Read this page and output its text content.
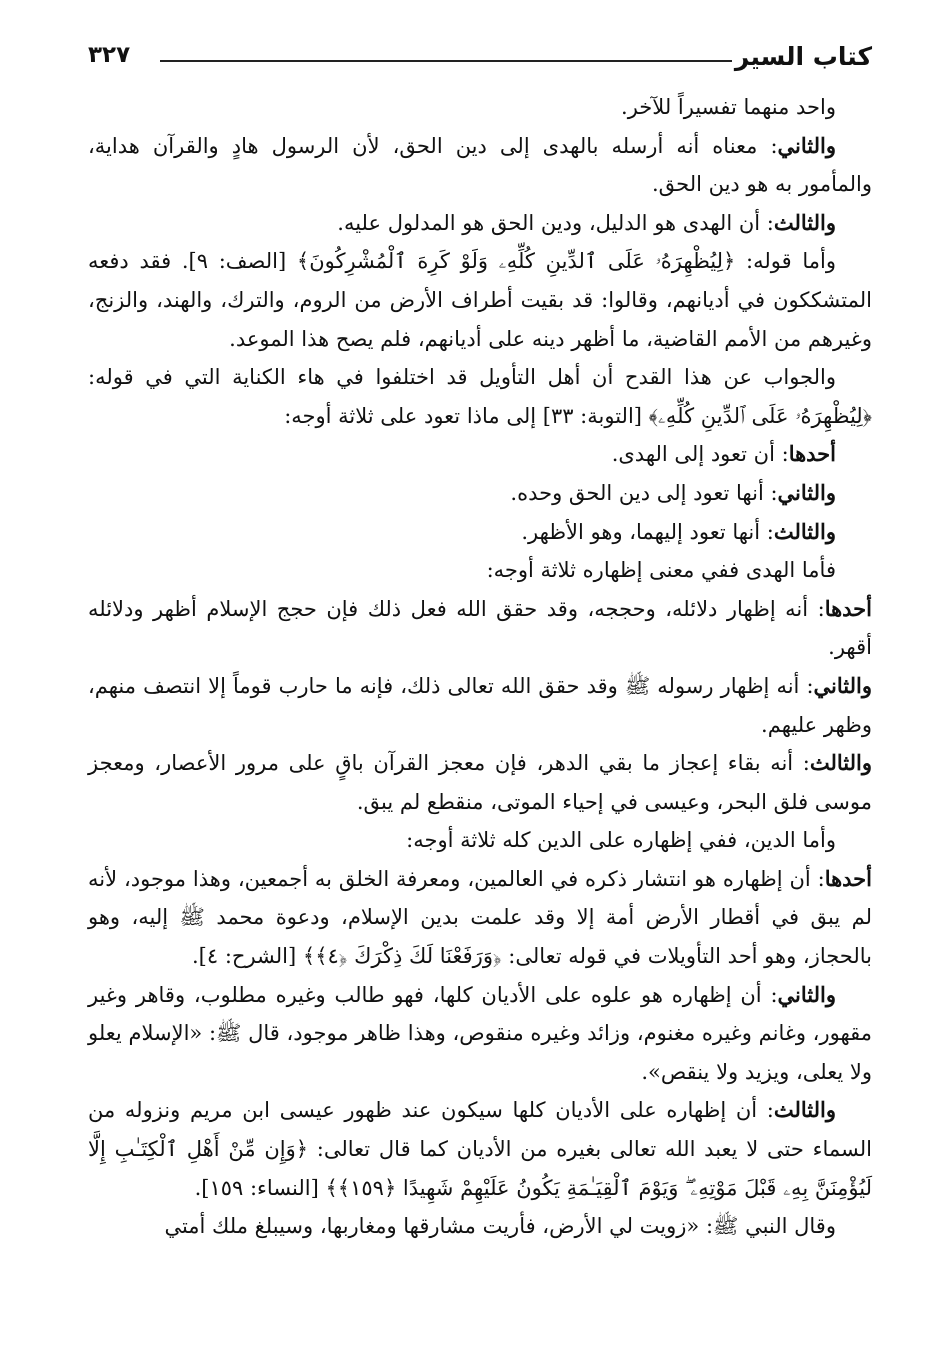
كتاب السير
٣٢٧

واحد منهما تفسيراً للآخر.

والثاني: معناه أنه أرسله بالهدى إلى دين الحق، لأن الرسول هادٍ والقرآن هداية، والمأمور به هو دين الحق.

والثالث: أن الهدى هو الدليل، ودين الحق هو المدلول عليه.

وأما قوله: ﴿لِيُظْهِرَهُۥ عَلَى ٱلدِّينِ كُلِّهِۦ وَلَوْ كَرِهَ ٱلْمُشْرِكُونَ﴾ [الصف: ٩]. فقد دفعه المتشككون في أديانهم، وقالوا: قد بقيت أطراف الأرض من الروم، والترك، والهند، والزنج، وغيرهم من الأمم القاضية، ما أظهر دينه على أديانهم، فلم يصح هذا الموعد.

والجواب عن هذا القدح أن أهل التأويل قد اختلفوا في هاء الكناية التي في قوله: ﴿لِيُظْهِرَهُۥ عَلَى ٱلدِّينِ كُلِّهِۦ﴾ [التوبة: ٣٣] إلى ماذا تعود على ثلاثة أوجه:

أحدها: أن تعود إلى الهدى.

والثاني: أنها تعود إلى دين الحق وحده.

والثالث: أنها تعود إليهما، وهو الأظهر.

فأما الهدى ففي معنى إظهاره ثلاثة أوجه:

أحدها: أنه إظهار دلائله، وحججه، وقد حقق الله فعل ذلك فإن حجج الإسلام أظهر ودلائله أقهر.

والثاني: أنه إظهار رسوله ﷺ وقد حقق الله تعالى ذلك، فإنه ما حارب قوماً إلا انتصف منهم، وظهر عليهم.

والثالث: أنه بقاء إعجاز ما بقي الدهر، فإن معجز القرآن باقٍ على مرور الأعصار، ومعجز موسى فلق البحر، وعيسى في إحياء الموتى، منقطع لم يبق.

وأما الدين، ففي إظهاره على الدين كله ثلاثة أوجه:

أحدها: أن إظهاره هو انتشار ذكره في العالمين، ومعرفة الخلق به أجمعين، وهذا موجود، لأنه لم يبق في أقطار الأرض أمة إلا وقد علمت بدين الإسلام، ودعوة محمد ﷺ إليه، وهو بالحجاز، وهو أحد التأويلات في قوله تعالى: ﴿وَرَفَعْنَا لَكَ ذِكْرَكَ ﴿٤﴾﴾ [الشرح: ٤].

والثاني: أن إظهاره هو علوه على الأديان كلها، فهو طالب وغيره مطلوب، وقاهر وغير مقهور، وغانم وغيره مغنوم، وزائد وغيره منقوص، وهذا ظاهر موجود، قال ﷺ: «الإسلام يعلو ولا يعلى، ويزيد ولا ينقص».

والثالث: أن إظهاره على الأديان كلها سيكون عند ظهور عيسى ابن مريم ونزوله من السماء حتى لا يعبد الله تعالى بغيره من الأديان كما قال تعالى: ﴿وَإِن مِّنْ أَهْلِ ٱلْكِتَـٰبِ إِلَّا لَيُؤْمِنَنَّ بِهِۦ قَبْلَ مَوْتِهِۦ ۖ وَيَوْمَ ٱلْقِيَـٰمَةِ يَكُونُ عَلَيْهِمْ شَهِيدًا ﴿١٥٩﴾﴾ [النساء: ١٥٩].

وقال النبي ﷺ: «زويت لي الأرض، فأريت مشارقها ومغاربها، وسيبلغ ملك أمتي
